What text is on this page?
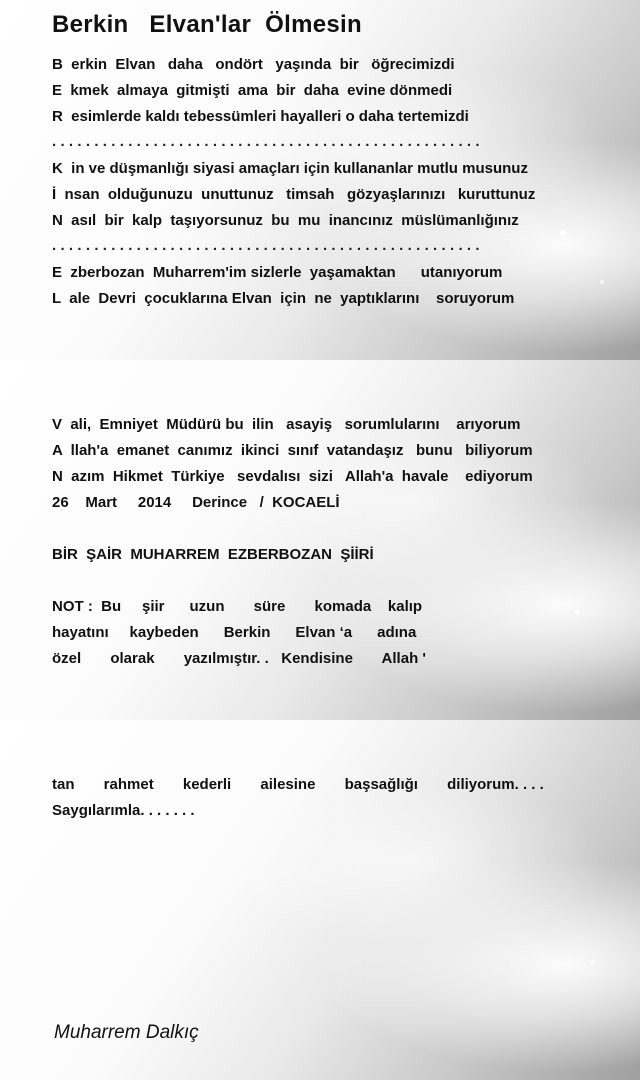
Berkin   Elvan'lar  Ölmesin
B  erkin  Elvan   daha   ondört   yaşında  bir   öğrecimizdi
E  kmek  almaya  gitmişti  ama  bir  daha  evine dönmedi
R  esimlerde kaldı tebessümleri hayalleri o daha tertemizdi
...................................................
K  in ve düşmanlığı siyasi amaçları için kullananlar mutlu musunuz
İ  nsan  olduğunuzu  unuttunuz   timsah   gözyaşlarınızı   kuruttunuz
N  asıl  bir  kalp  taşıyorsunuz  bu  mu  inancınız  müslümanlığınız
...................................................
E  zberbozan  Muharrem'im sizlerle  yaşamaktan      utanıyorum
L  ale  Devri  çocuklarına Elvan  için  ne  yaptıklarını    soruyorum
V  ali,  Emniyet  Müdürü bu  ilin   asayiş   sorumlularını    arıyorum
A  llah'a  emanet  canımız  ikinci  sınıf  vatandaşız   bunu   biliyorum
N  azım  Hikmet  Türkiye   sevdalısı  sizi   Allah'a  havale    ediyorum
26    Mart     2014     Derince   /  KOCAELİ
BİR  ŞAİR  MUHARREM  EZBERBOZAN  ŞİİRİ
NOT :  Bu     şiir      uzun       süre       komada    kalıp
hayatını     kaybeden      Berkin      Elvan ‘a      adına
özel       olarak       yazılmıştır. .   Kendisine       Allah '
tan       rahmet       kederli       ailesine       başsağlığı       diliyorum. . . .
Saygılarımla. . . . . . .
Muharrem Dalkıç
